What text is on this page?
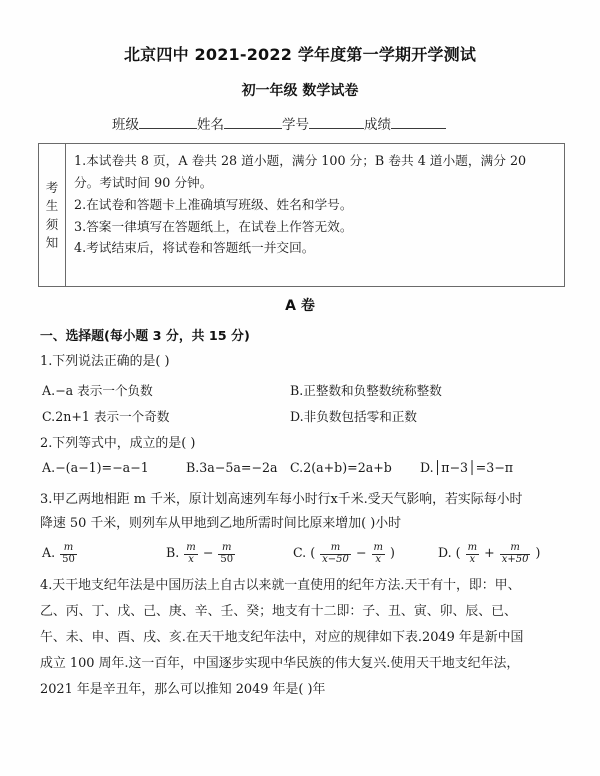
北京四中 2021-2022 学年度第一学期开学测试
初一年级 数学试卷
班级	姓名	学号	成绩
考
生
须
知

1.本试卷共 8 页，A 卷共 28 道小题，满分 100 分；B 卷共 4 道小题，满分 20

分。考试时间 90 分钟。

2.在试卷和答题卡上准确填写班级、姓名和学号。

3.答案一律填写在答题纸上，在试卷上作答无效。

4.考试结束后，将试卷和答题纸一并交回。

A 卷
一、选择题(每小题 3 分，共 15 分)
1.下列说法正确的是( )
A.−a 表示一个负数	B.正整数和负整数统称整数
C.2n+1 表示一个奇数	D.非负数包括零和正数
2.下列等式中，成立的是( )
A.−(a−1)=−a−1	B.3a−5a=−2a C.2(a+b)=2a+b D.│π−3│=3−π
3.甲乙两地相距 m 千米，原计划高速列车每小时行x千米.受天气影响，若实际每小时
降速 50 千米，则列车从甲地到乙地所需时间比原来增加( )小时
A. $\frac{m}{50}$	B. $\frac{m}{x} - \frac{m}{50}$	C. ( $\frac{m}{x-50} - \frac{m}{x}$ )	D. ( $\frac{m}{x} + \frac{m}{x+50}$ )
4.天干地支纪年法是中国历法上自古以来就一直使用的纪年方法.天干有十，即：甲、
乙、丙、丁、戊、己、庚、辛、壬、癸；地支有十二即：子、丑、寅、卯、辰、已、
午、未、申、酉、戌、亥.在天干地支纪年法中，对应的规律如下表.2049 年是新中国
成立 100 周年.这一百年，中国逐步实现中华民族的伟大复兴.使用天干地支纪年法，
2021 年是辛丑年，那么可以推知 2049 年是( )年
